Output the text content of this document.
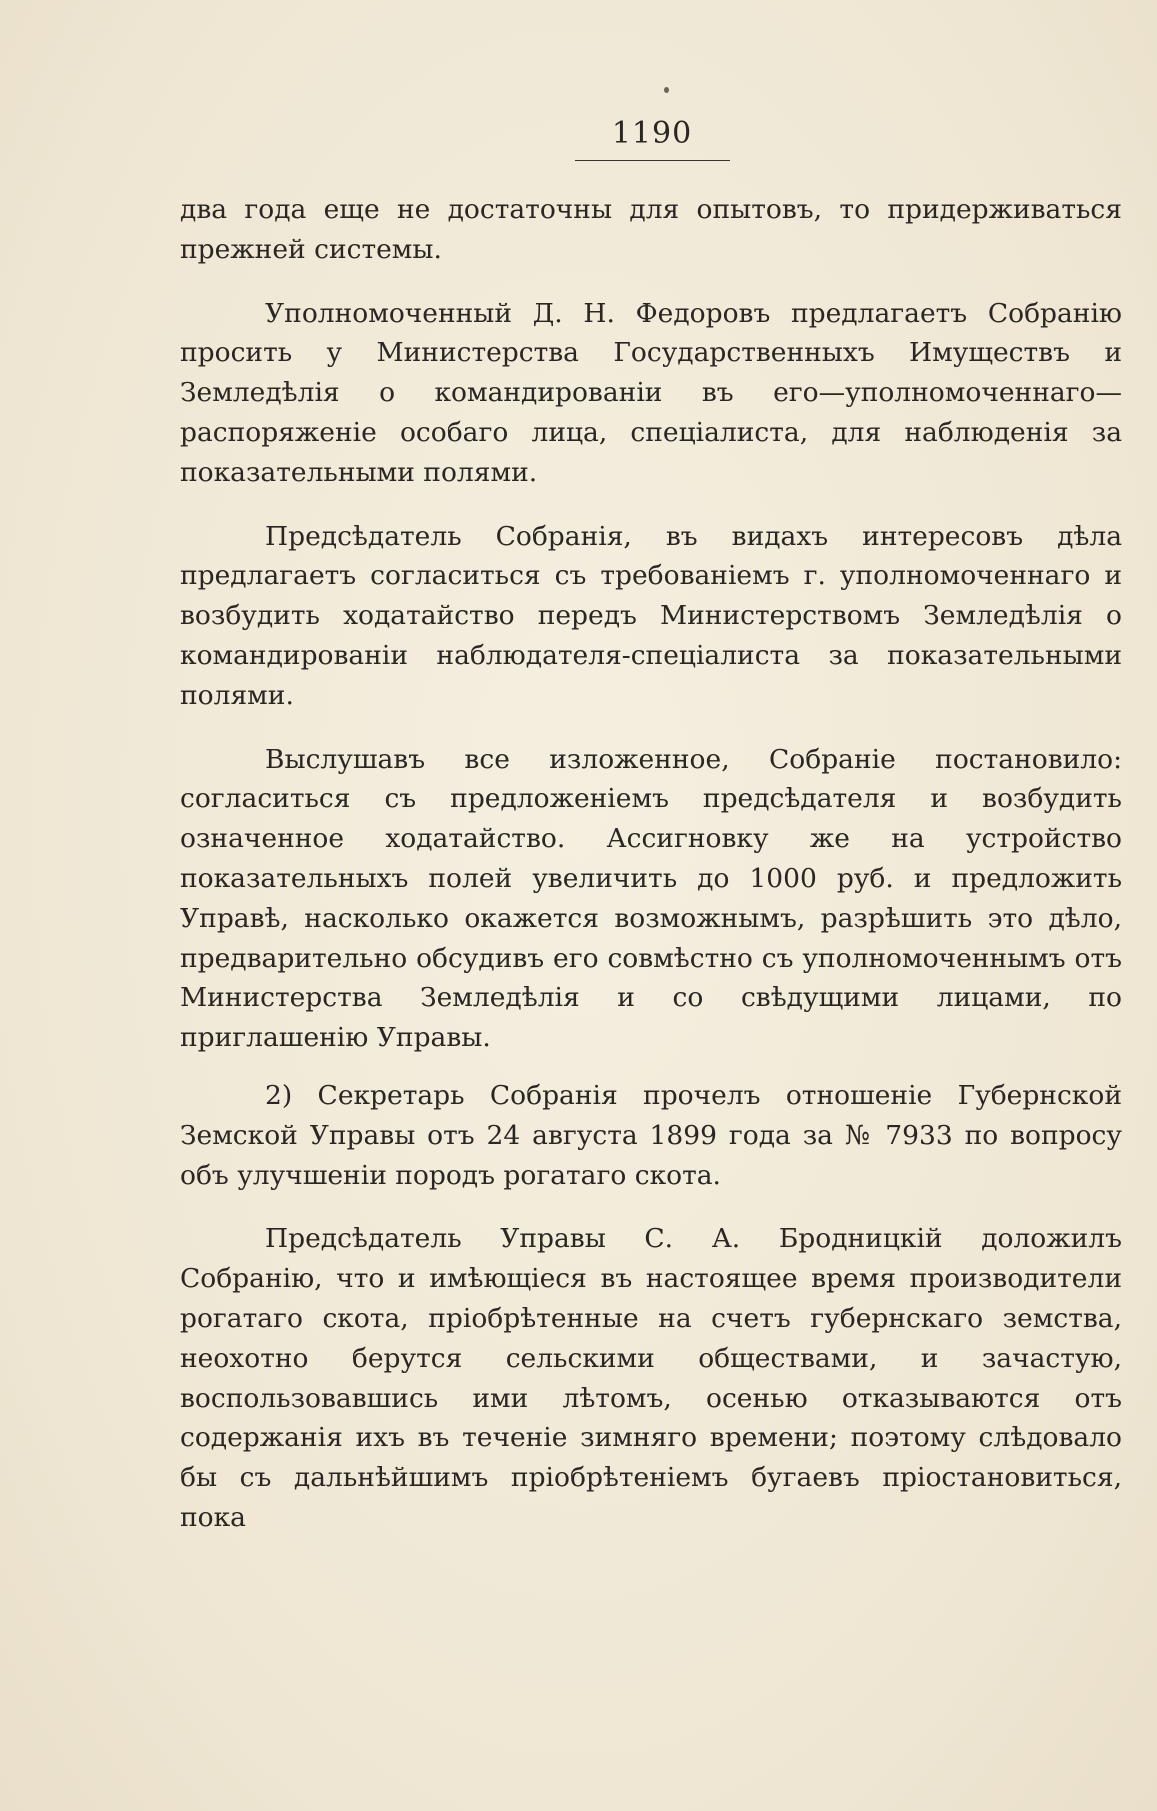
1190

два года еще не достаточны для опытовъ, то придерживаться прежней системы.

Уполномоченный Д. Н. Федоровъ предлагаетъ Собранію просить у Министерства Государственныхъ Имуществъ и Земледѣлія о командированіи въ его—уполномоченнаго—распоряженіе особаго лица, спеціалиста, для наблюденія за показательными полями.

Предсѣдатель Собранія, въ видахъ интересовъ дѣла предлагаетъ согласиться съ требованіемъ г. уполномоченнаго и возбудить ходатайство передъ Министерствомъ Земледѣлія о командированіи наблюдателя-спеціалиста за показательными полями.

Выслушавъ все изложенное, Собраніе постановило: согласиться съ предложеніемъ предсѣдателя и возбудить означенное ходатайство. Ассигновку же на устройство показательныхъ полей увеличить до 1000 руб. и предложить Управѣ, насколько окажется возможнымъ, разрѣшить это дѣло, предварительно обсудивъ его совмѣстно съ уполномоченнымъ отъ Министерства Земледѣлія и со свѣдущими лицами, по приглашенію Управы.

2) Секретарь Собранія прочелъ отношеніе Губернской Земской Управы отъ 24 августа 1899 года за № 7933 по вопросу объ улучшеніи породъ рогатаго скота.

Предсѣдатель Управы С. А. Бродницкій доложилъ Собранію, что и имѣющіеся въ настоящее время производители рогатаго скота, пріобрѣтенные на счетъ губернскаго земства, неохотно берутся сельскими обществами, и зачастую, воспользовавшись ими лѣтомъ, осенью отказываются отъ содержанія ихъ въ теченіе зимняго времени; поэтому слѣдовало бы съ дальнѣйшимъ пріобрѣтеніемъ бугаевъ пріостановиться, пока
